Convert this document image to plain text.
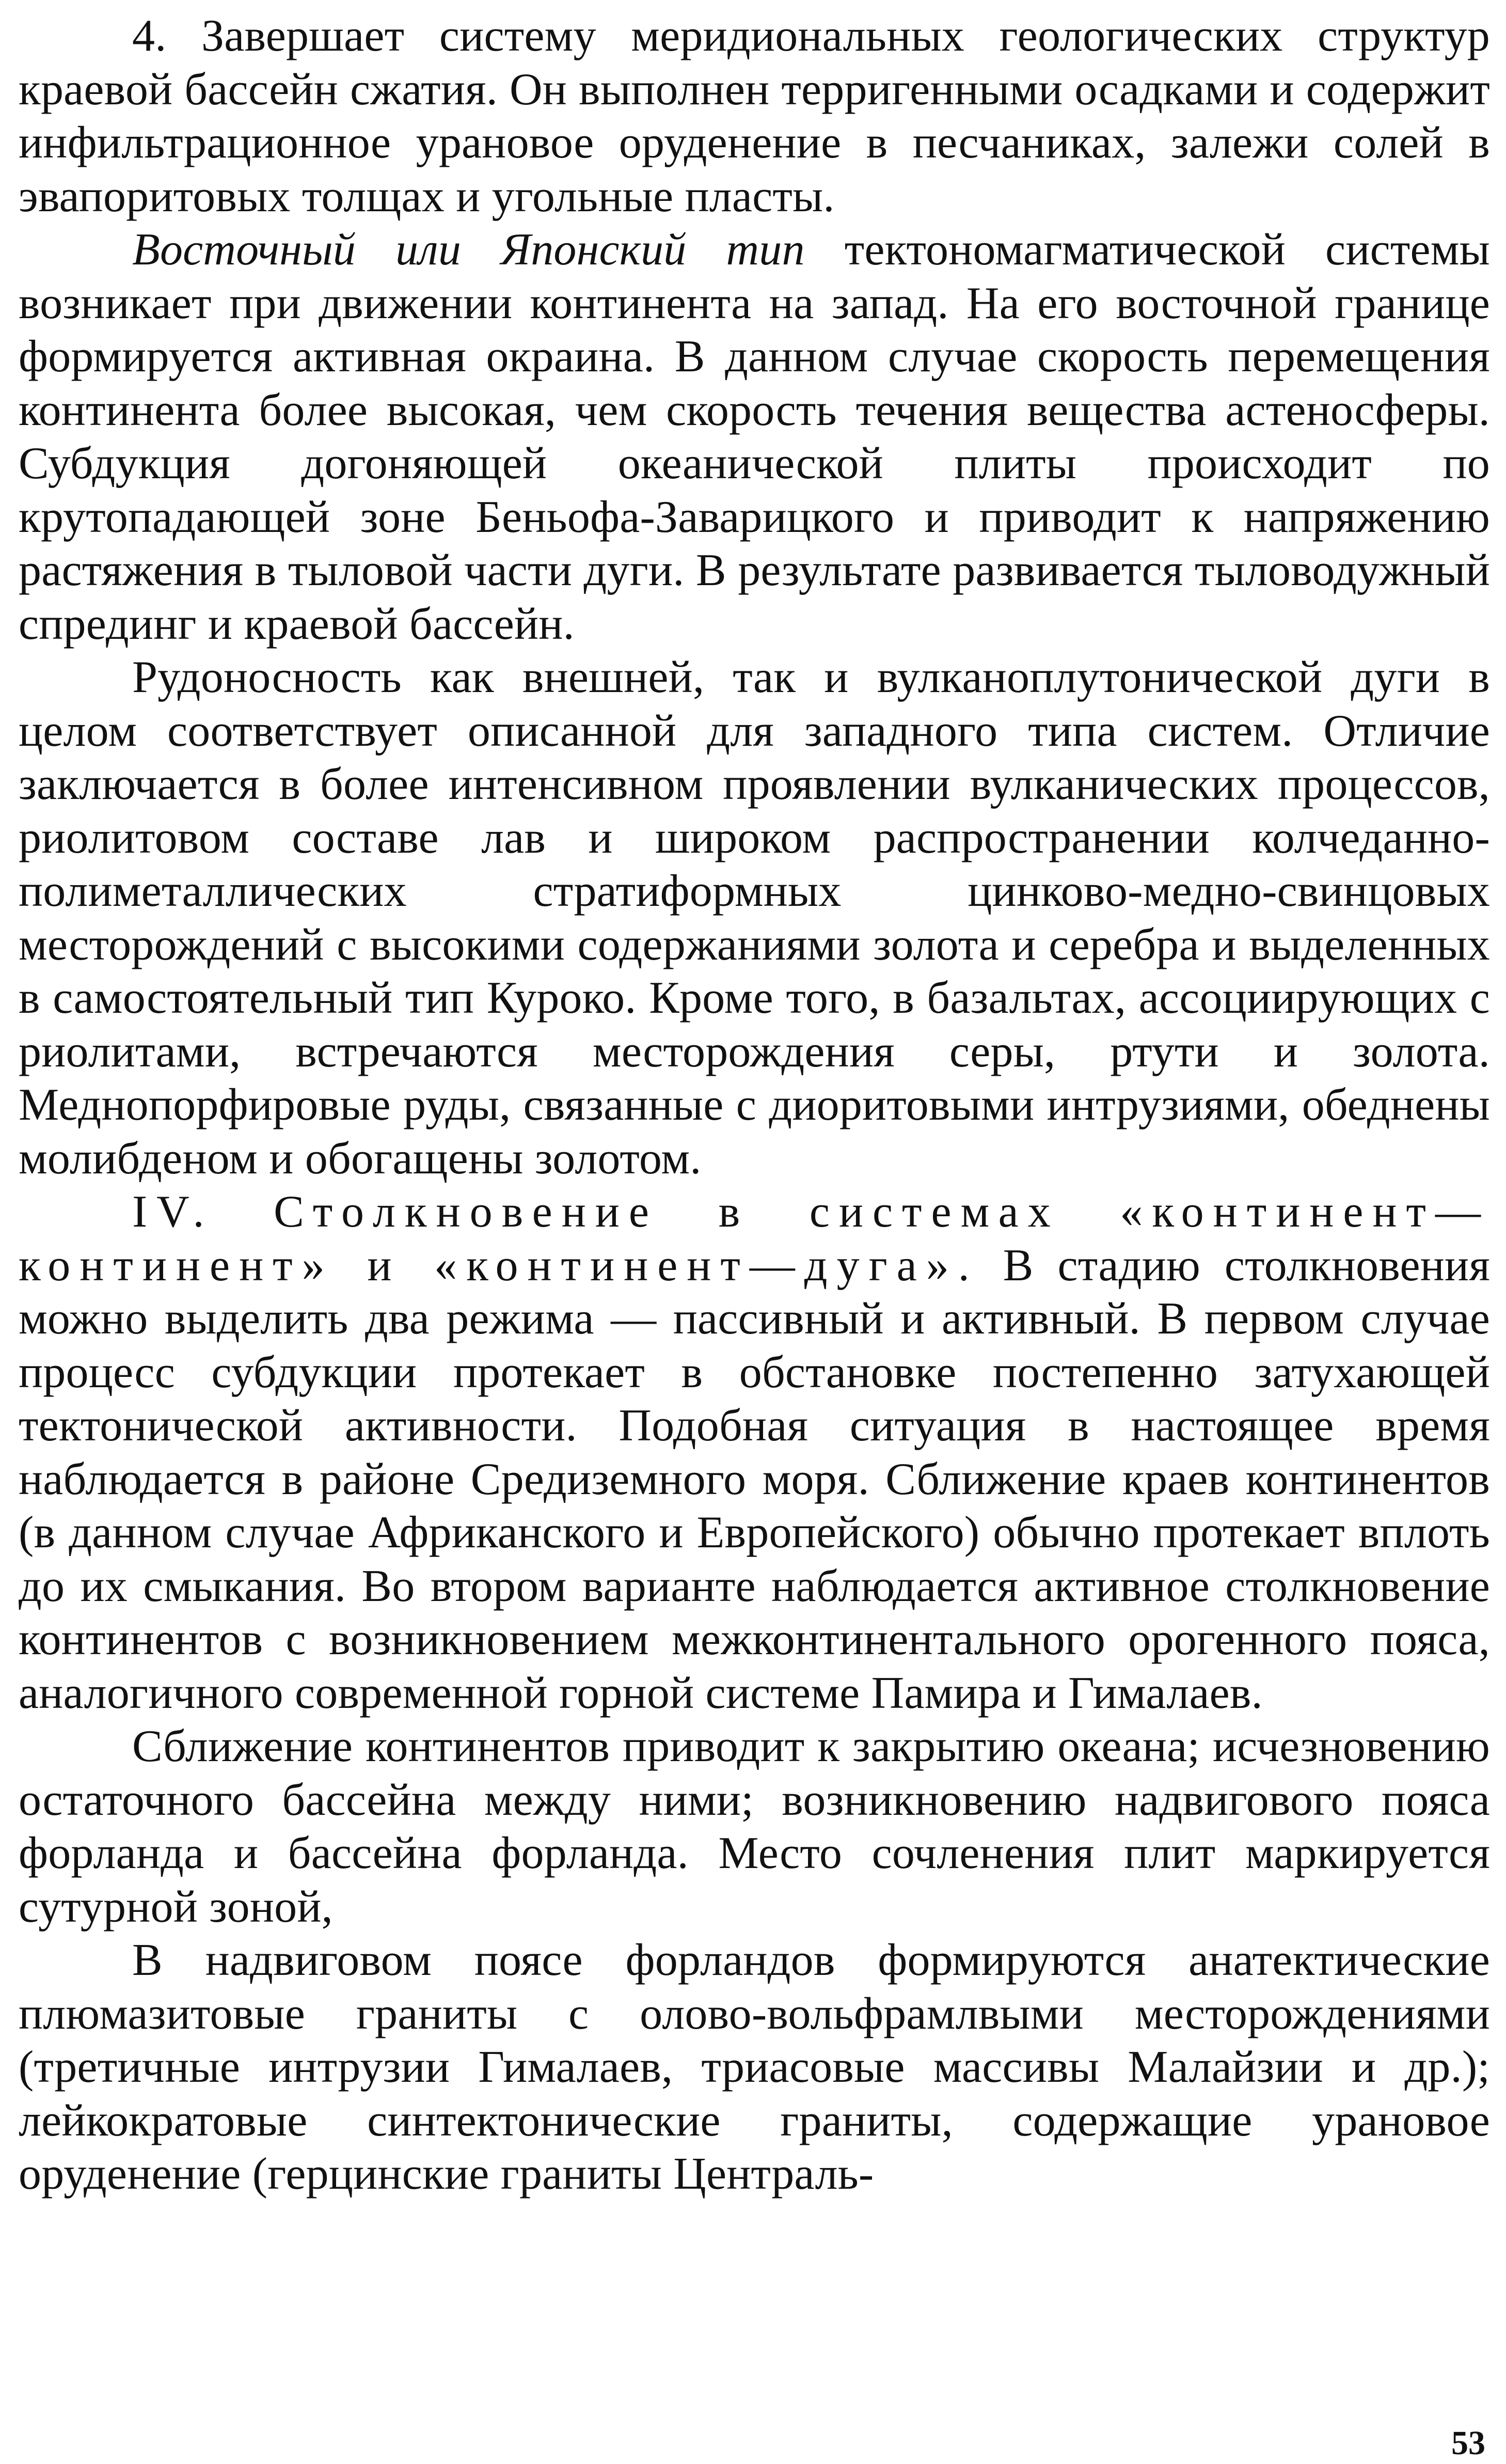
4. Завершает систему меридиональных геологических структур краевой бассейн сжатия. Он выполнен терригенными осадками и содержит инфильтрационное урановое оруденение в песчаниках, залежи солей в эвапоритовых толщах и угольные пласты.

Восточный или Японский тип тектономагматической системы возникает при движении континента на запад. На его восточной границе формируется активная окраина. В данном случае скорость перемещения континента более высокая, чем скорость течения вещества астеносферы. Субдукция догоняющей океанической плиты происходит по крутопадающей зоне Беньофа-Заварицкого и приводит к напряжению растяжения в тыловой части дуги. В результате развивается тыловодужный спрединг и краевой бассейн.

Рудоносность как внешней, так и вулканоплутонической дуги в целом соответствует описанной для западного типа систем. Отличие заключается в более интенсивном проявлении вулканических процессов, риолитовом составе лав и широком распространении колчеданно-полиметаллических стратиформных цинково-медно-свинцовых месторождений с высокими содержаниями золота и серебра и выделенных в самостоятельный тип Куроко. Кроме того, в базальтах, ассоциирующих с риолитами, встречаются месторождения серы, ртути и золота. Меднопорфировые руды, связанные с диоритовыми интрузиями, обеднены молибденом и обогащены золотом.

IV. Столкновение в системах «континент—континент» и «континент—дуга». В стадию столкновения можно выделить два режима — пассивный и активный. В первом случае процесс субдукции протекает в обстановке постепенно затухающей тектонической активности. Подобная ситуация в настоящее время наблюдается в районе Средиземного моря. Сближение краев континентов (в данном случае Африканского и Европейского) обычно протекает вплоть до их смыкания. Во втором варианте наблюдается активное столкновение континентов с возникновением межконтинентального орогенного пояса, аналогичного современной горной системе Памира и Гималаев.

Сближение континентов приводит к закрытию океана; исчезновению остаточного бассейна между ними; возникновению надвигового пояса форланда и бассейна форланда. Место сочленения плит маркируется сутурной зоной,

В надвиговом поясе форландов формируются анатектические плюмазитовые граниты с олово-вольфрамлвыми месторождениями (третичные интрузии Гималаев, триасовые массивы Малайзии и др.); лейкократовые синтектонические граниты, содержащие урановое оруденение (герцинские граниты Централь-

53
